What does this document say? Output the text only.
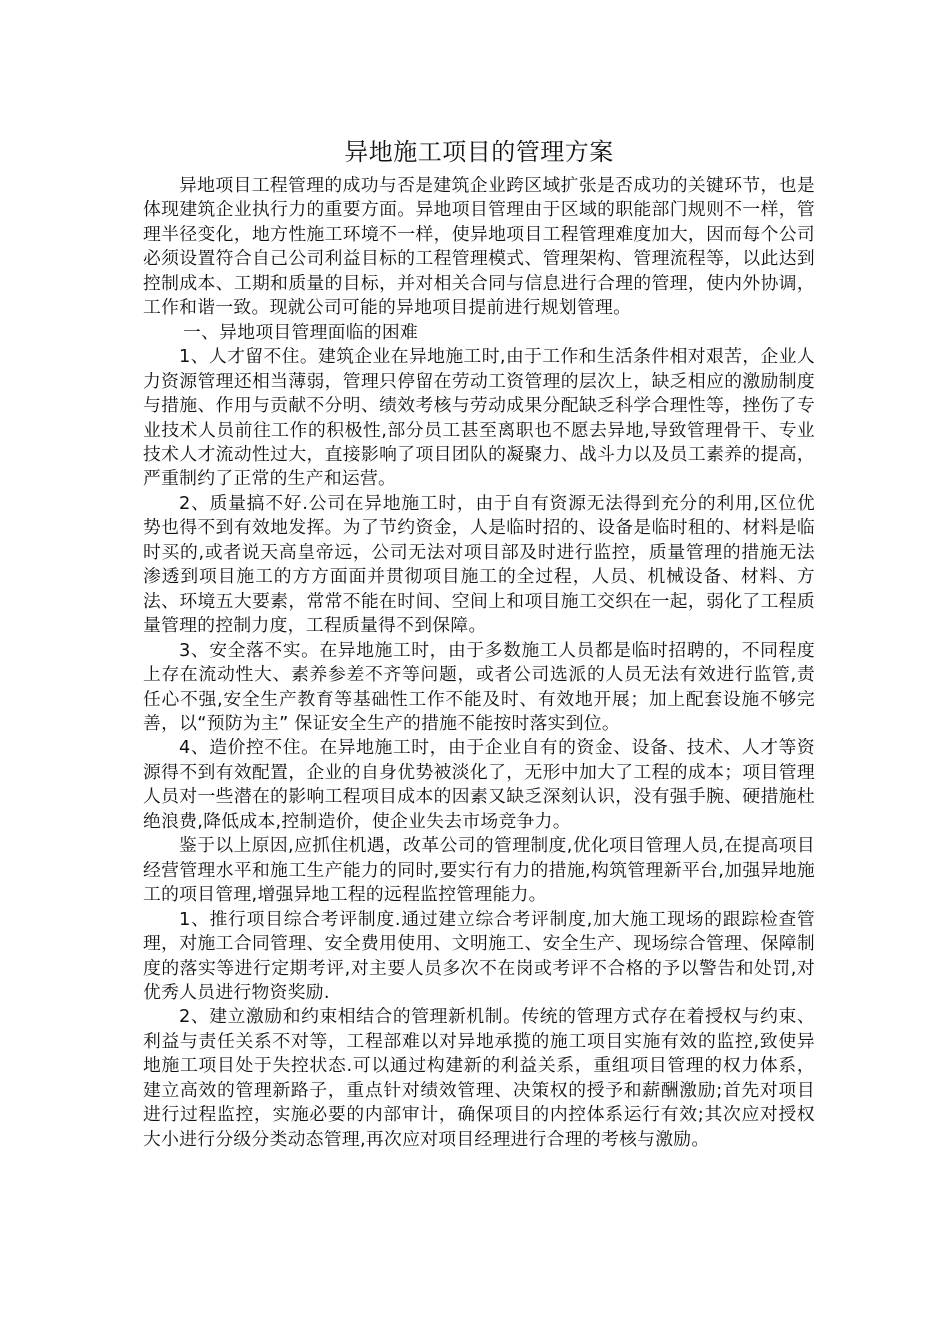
异地施工项目的管理方案

异地项目工程管理的成功与否是建筑企业跨区域扩张是否成功的关键环节，也是体现建筑企业执行力的重要方面。异地项目管理由于区域的职能部门规则不一样，管理半径变化，地方性施工环境不一样，使异地项目工程管理难度加大，因而每个公司必须设置符合自己公司利益目标的工程管理模式、管理架构、管理流程等，以此达到控制成本、工期和质量的目标，并对相关合同与信息进行合理的管理，使内外协调，工作和谐一致。现就公司可能的异地项目提前进行规划管理。

一、异地项目管理面临的困难

1、人才留不住。建筑企业在异地施工时,由于工作和生活条件相对艰苦，企业人力资源管理还相当薄弱，管理只停留在劳动工资管理的层次上，缺乏相应的激励制度与措施、作用与贡献不分明、绩效考核与劳动成果分配缺乏科学合理性等，挫伤了专业技术人员前往工作的积极性,部分员工甚至离职也不愿去异地,导致管理骨干、专业技术人才流动性过大，直接影响了项目团队的凝聚力、战斗力以及员工素养的提高，严重制约了正常的生产和运营。

2、质量搞不好.公司在异地施工时，由于自有资源无法得到充分的利用,区位优势也得不到有效地发挥。为了节约资金，人是临时招的、设备是临时租的、材料是临时买的,或者说天高皇帝远，公司无法对项目部及时进行监控，质量管理的措施无法渗透到项目施工的方方面面并贯彻项目施工的全过程，人员、机械设备、材料、方法、环境五大要素，常常不能在时间、空间上和项目施工交织在一起，弱化了工程质量管理的控制力度，工程质量得不到保障。

3、安全落不实。在异地施工时，由于多数施工人员都是临时招聘的，不同程度上存在流动性大、素养参差不齐等问题，或者公司选派的人员无法有效进行监管,责任心不强,安全生产教育等基础性工作不能及时、有效地开展；加上配套设施不够完善，以“预防为主” 保证安全生产的措施不能按时落实到位。

4、造价控不住。在异地施工时，由于企业自有的资金、设备、技术、人才等资源得不到有效配置，企业的自身优势被淡化了，无形中加大了工程的成本；项目管理人员对一些潜在的影响工程项目成本的因素又缺乏深刻认识，没有强手腕、硬措施杜绝浪费,降低成本,控制造价，使企业失去市场竞争力。

鉴于以上原因,应抓住机遇，改革公司的管理制度,优化项目管理人员,在提高项目经营管理水平和施工生产能力的同时,要实行有力的措施,构筑管理新平台,加强异地施工的项目管理,增强异地工程的远程监控管理能力。

1、推行项目综合考评制度.通过建立综合考评制度,加大施工现场的跟踪检查管理，对施工合同管理、安全费用使用、文明施工、安全生产、现场综合管理、保障制度的落实等进行定期考评,对主要人员多次不在岗或考评不合格的予以警告和处罚,对优秀人员进行物资奖励.

2、建立激励和约束相结合的管理新机制。传统的管理方式存在着授权与约束、利益与责任关系不对等，工程部难以对异地承揽的施工项目实施有效的监控,致使异地施工项目处于失控状态.可以通过构建新的利益关系，重组项目管理的权力体系，建立高效的管理新路子，重点针对绩效管理、决策权的授予和薪酬激励;首先对项目进行过程监控，实施必要的内部审计，确保项目的内控体系运行有效;其次应对授权大小进行分级分类动态管理,再次应对项目经理进行合理的考核与激励。
